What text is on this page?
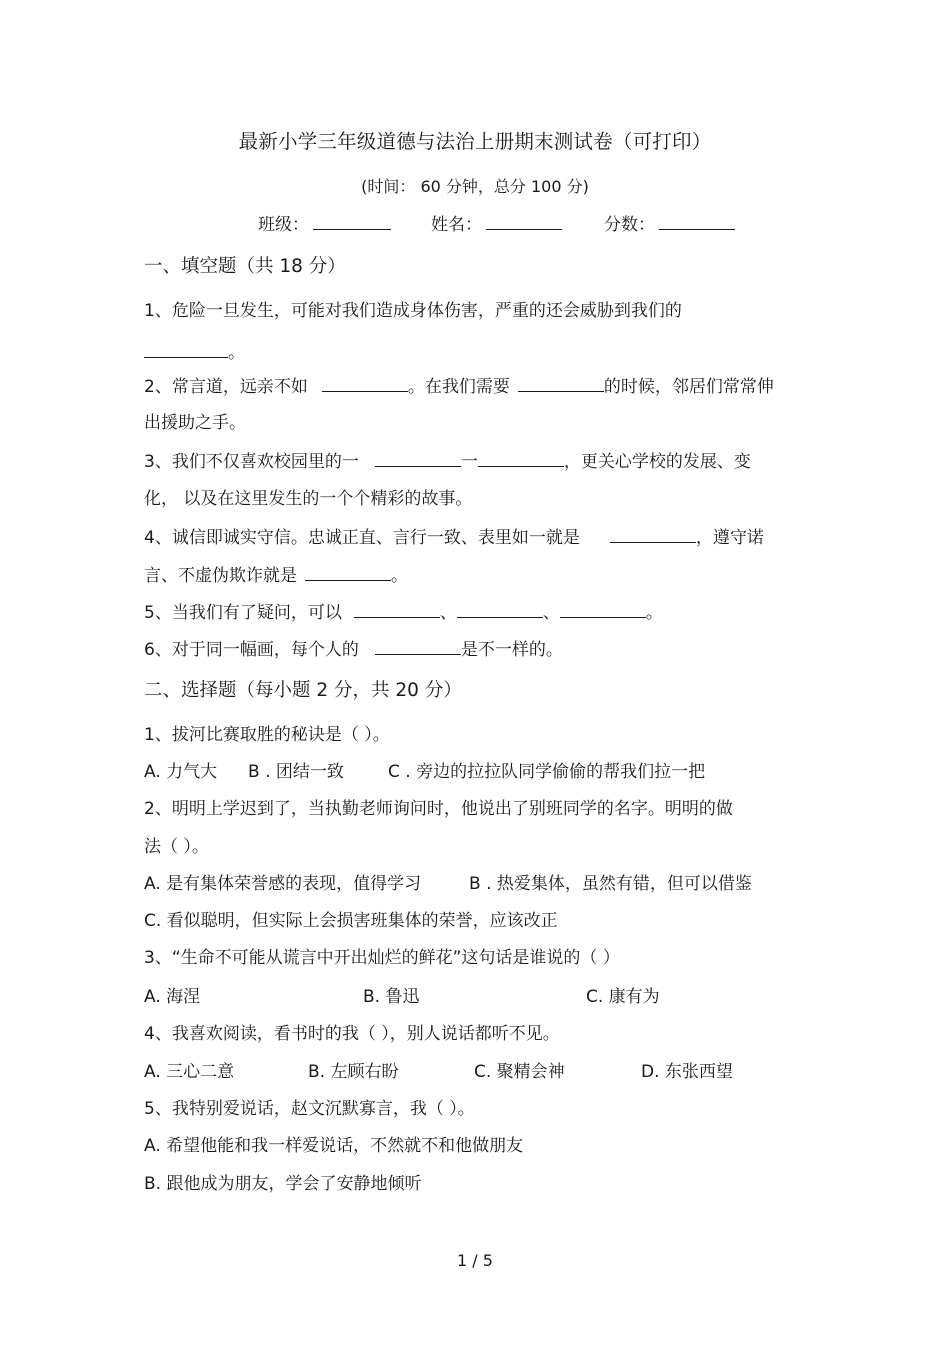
最新小学三年级道德与法治上册期末测试卷（可打印）
(时间： 60 分钟，总分 100 分)
班级：	姓名：	分数：
一、填空题（共 18 分）
1、危险一旦发生，可能对我们造成身体伤害，严重的还会威胁到我们的
。
2、常言道，远亲不如	。在我们需要	的时候，邻居们常常伸
出援助之手。
3、我们不仅喜欢校园里的一	一	，更关心学校的发展、变
化， 以及在这里发生的一个个精彩的故事。
4、诚信即诚实守信。忠诚正直、言行一致、表里如一就是	，遵守诺
言、不虚伪欺诈就是	。
5、当我们有了疑问，可以	、	、	。
6、对于同一幅画，每个人的	是不一样的。
二、选择题（每小题 2 分，共 20 分）
1、拔河比赛取胜的秘诀是（ ）。
A. 力气大 B . 团结一致	C . 旁边的拉拉队同学偷偷的帮我们拉一把
2、明明上学迟到了，当执勤老师询问时，他说出了别班同学的名字。明明的做
法（ ）。
A. 是有集体荣誉感的表现，值得学习	B . 热爱集体，虽然有错，但可以借鉴
C. 看似聪明，但实际上会损害班集体的荣誉，应该改正
3、“生命不可能从谎言中开出灿烂的鲜花”这句话是谁说的（ ）
A. 海涅	B. 鲁迅	C. 康有为
4、我喜欢阅读，看书时的我（ ），别人说话都听不见。
A. 三心二意	B. 左顾右盼	C. 聚精会神	D. 东张西望
5、我特别爱说话，赵文沉默寡言，我（ ）。
A. 希望他能和我一样爱说话，不然就不和他做朋友
B. 跟他成为朋友，学会了安静地倾听
1 / 5
